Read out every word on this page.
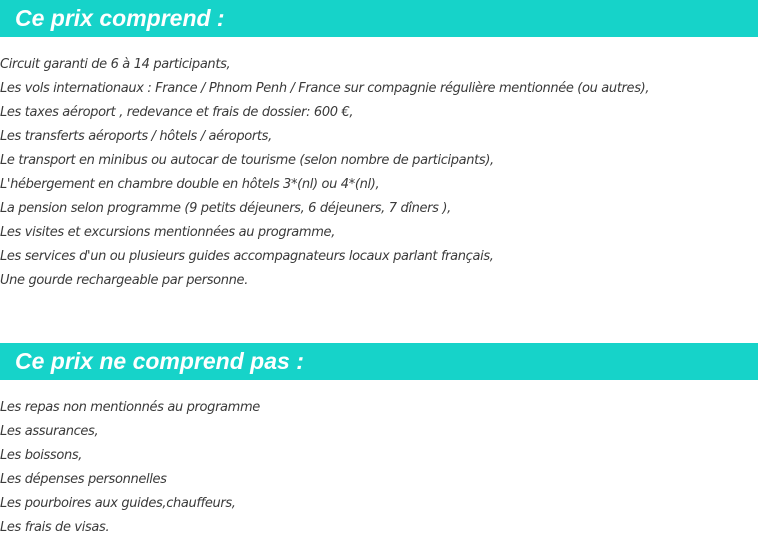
Ce prix comprend :
Circuit garanti de 6 à 14 participants,
Les vols internationaux : France / Phnom Penh / France sur compagnie régulière mentionnée (ou autres),
Les taxes aéroport , redevance et frais de dossier: 600 €,
Les transferts aéroports / hôtels / aéroports,
Le transport en minibus ou autocar de tourisme (selon nombre de participants),
L'hébergement en chambre double en hôtels 3*(nl) ou 4*(nl),
La pension selon programme (9 petits déjeuners, 6 déjeuners, 7 dîners ),
Les visites et excursions mentionnées au programme,
Les services d'un ou plusieurs guides accompagnateurs locaux parlant français,
Une gourde rechargeable par personne.
Ce prix ne comprend pas :
Les repas non mentionnés au programme
Les assurances,
Les boissons,
Les dépenses personnelles
Les pourboires aux guides,chauffeurs,
Les frais de visas.
